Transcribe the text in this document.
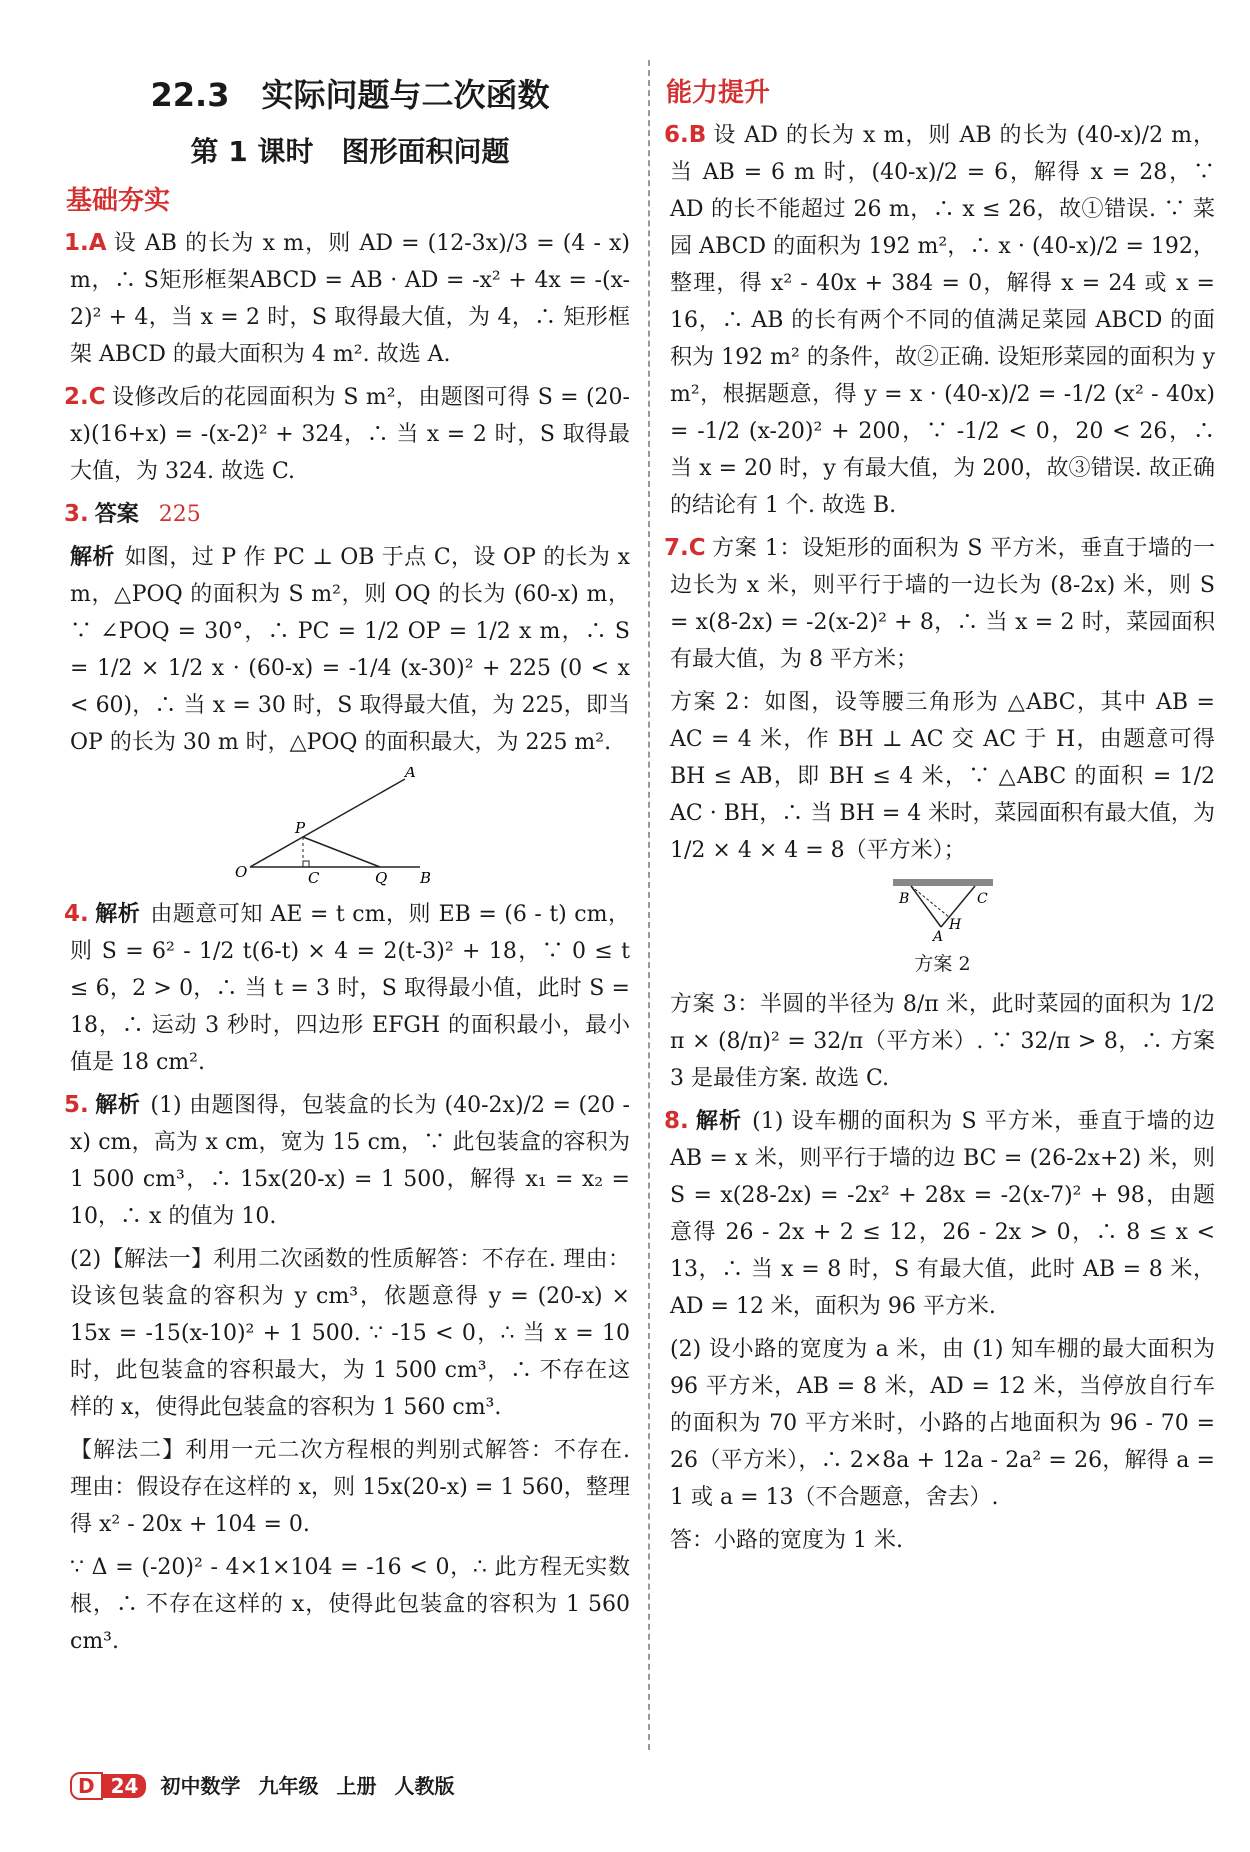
22.3　实际问题与二次函数
第 1 课时　图形面积问题
基础夯实

1.A 设 AB 的长为 x m，则 AD = (12-3x)/3 = (4 - x) m，∴ S矩形框架ABCD = AB · AD = -x² + 4x = -(x-2)² + 4，当 x = 2 时，S 取得最大值，为 4，∴ 矩形框架 ABCD 的最大面积为 4 m². 故选 A.

2.C 设修改后的花园面积为 S m²，由题图可得 S = (20-x)(16+x) = -(x-2)² + 324，∴ 当 x = 2 时，S 取得最大值，为 324. 故选 C.

3. 答案 225

解析 如图，过 P 作 PC ⊥ OB 于点 C，设 OP 的长为 x m，△POQ 的面积为 S m²，则 OQ 的长为 (60-x) m，∵ ∠POQ = 30°，∴ PC = 1/2 OP = 1/2 x m，∴ S = 1/2 × 1/2 x · (60-x) = -1/4 (x-30)² + 225 (0 < x < 60)，∴ 当 x = 30 时，S 取得最大值，为 225，即当 OP 的长为 30 m 时，△POQ 的面积最大，为 225 m².

A
P
O	C	Q B

4. 解析 由题意可知 AE = t cm，则 EB = (6 - t) cm，则 S = 6² - 1/2 t(6-t) × 4 = 2(t-3)² + 18，∵ 0 ≤ t ≤ 6，2 > 0，∴ 当 t = 3 时，S 取得最小值，此时 S = 18，∴ 运动 3 秒时，四边形 EFGH 的面积最小，最小值是 18 cm².

5. 解析 (1) 由题图得，包装盒的长为 (40-2x)/2 = (20 - x) cm，高为 x cm，宽为 15 cm，∵ 此包装盒的容积为 1 500 cm³，∴ 15x(20-x) = 1 500，解得 x₁ = x₂ = 10，∴ x 的值为 10.

(2)【解法一】利用二次函数的性质解答：不存在. 理由：设该包装盒的容积为 y cm³，依题意得 y = (20-x) × 15x = -15(x-10)² + 1 500. ∵ -15 < 0，∴ 当 x = 10 时，此包装盒的容积最大，为 1 500 cm³，∴ 不存在这样的 x，使得此包装盒的容积为 1 560 cm³.

【解法二】利用一元二次方程根的判别式解答：不存在. 理由：假设存在这样的 x，则 15x(20-x) = 1 560，整理得 x² - 20x + 104 = 0.

∵ Δ = (-20)² - 4×1×104 = -16 < 0，∴ 此方程无实数根，∴ 不存在这样的 x，使得此包装盒的容积为 1 560 cm³.

能力提升

6.B 设 AD 的长为 x m，则 AB 的长为 (40-x)/2 m，当 AB = 6 m 时，(40-x)/2 = 6，解得 x = 28，∵ AD 的长不能超过 26 m，∴ x ≤ 26，故①错误. ∵ 菜园 ABCD 的面积为 192 m²，∴ x · (40-x)/2 = 192，整理，得 x² - 40x + 384 = 0，解得 x = 24 或 x = 16，∴ AB 的长有两个不同的值满足菜园 ABCD 的面积为 192 m² 的条件，故②正确. 设矩形菜园的面积为 y m²，根据题意，得 y = x · (40-x)/2 = -1/2 (x² - 40x) = -1/2 (x-20)² + 200，∵ -1/2 < 0，20 < 26，∴ 当 x = 20 时，y 有最大值，为 200，故③错误. 故正确的结论有 1 个. 故选 B.

7.C 方案 1：设矩形的面积为 S 平方米，垂直于墙的一边长为 x 米，则平行于墙的一边长为 (8-2x) 米，则 S = x(8-2x) = -2(x-2)² + 8，∴ 当 x = 2 时，菜园面积有最大值，为 8 平方米；

方案 2：如图，设等腰三角形为 △ABC，其中 AB = AC = 4 米，作 BH ⊥ AC 交 AC 于 H，由题意可得 BH ≤ AB，即 BH ≤ 4 米，∵ △ABC 的面积 = 1/2 AC · BH，∴ 当 BH = 4 米时，菜园面积有最大值，为 1/2 × 4 × 4 = 8（平方米）；

B	C
A
H
方案 2

方案 3：半圆的半径为 8/π 米，此时菜园的面积为 1/2 π × (8/π)² = 32/π（平方米）. ∵ 32/π > 8，∴ 方案 3 是最佳方案. 故选 C.

8. 解析 (1) 设车棚的面积为 S 平方米，垂直于墙的边 AB = x 米，则平行于墙的边 BC = (26-2x+2) 米，则 S = x(28-2x) = -2x² + 28x = -2(x-7)² + 98，由题意得 26 - 2x + 2 ≤ 12，26 - 2x > 0，∴ 8 ≤ x < 13，∴ 当 x = 8 时，S 有最大值，此时 AB = 8 米，AD = 12 米，面积为 96 平方米.

(2) 设小路的宽度为 a 米，由 (1) 知车棚的最大面积为 96 平方米，AB = 8 米，AD = 12 米，当停放自行车的面积为 70 平方米时，小路的占地面积为 96 - 70 = 26（平方米），∴ 2×8a + 12a - 2a² = 26，解得 a = 1 或 a = 13（不合题意，舍去）.

答：小路的宽度为 1 米.

D 24 初中数学 九年级 上册 人教版
